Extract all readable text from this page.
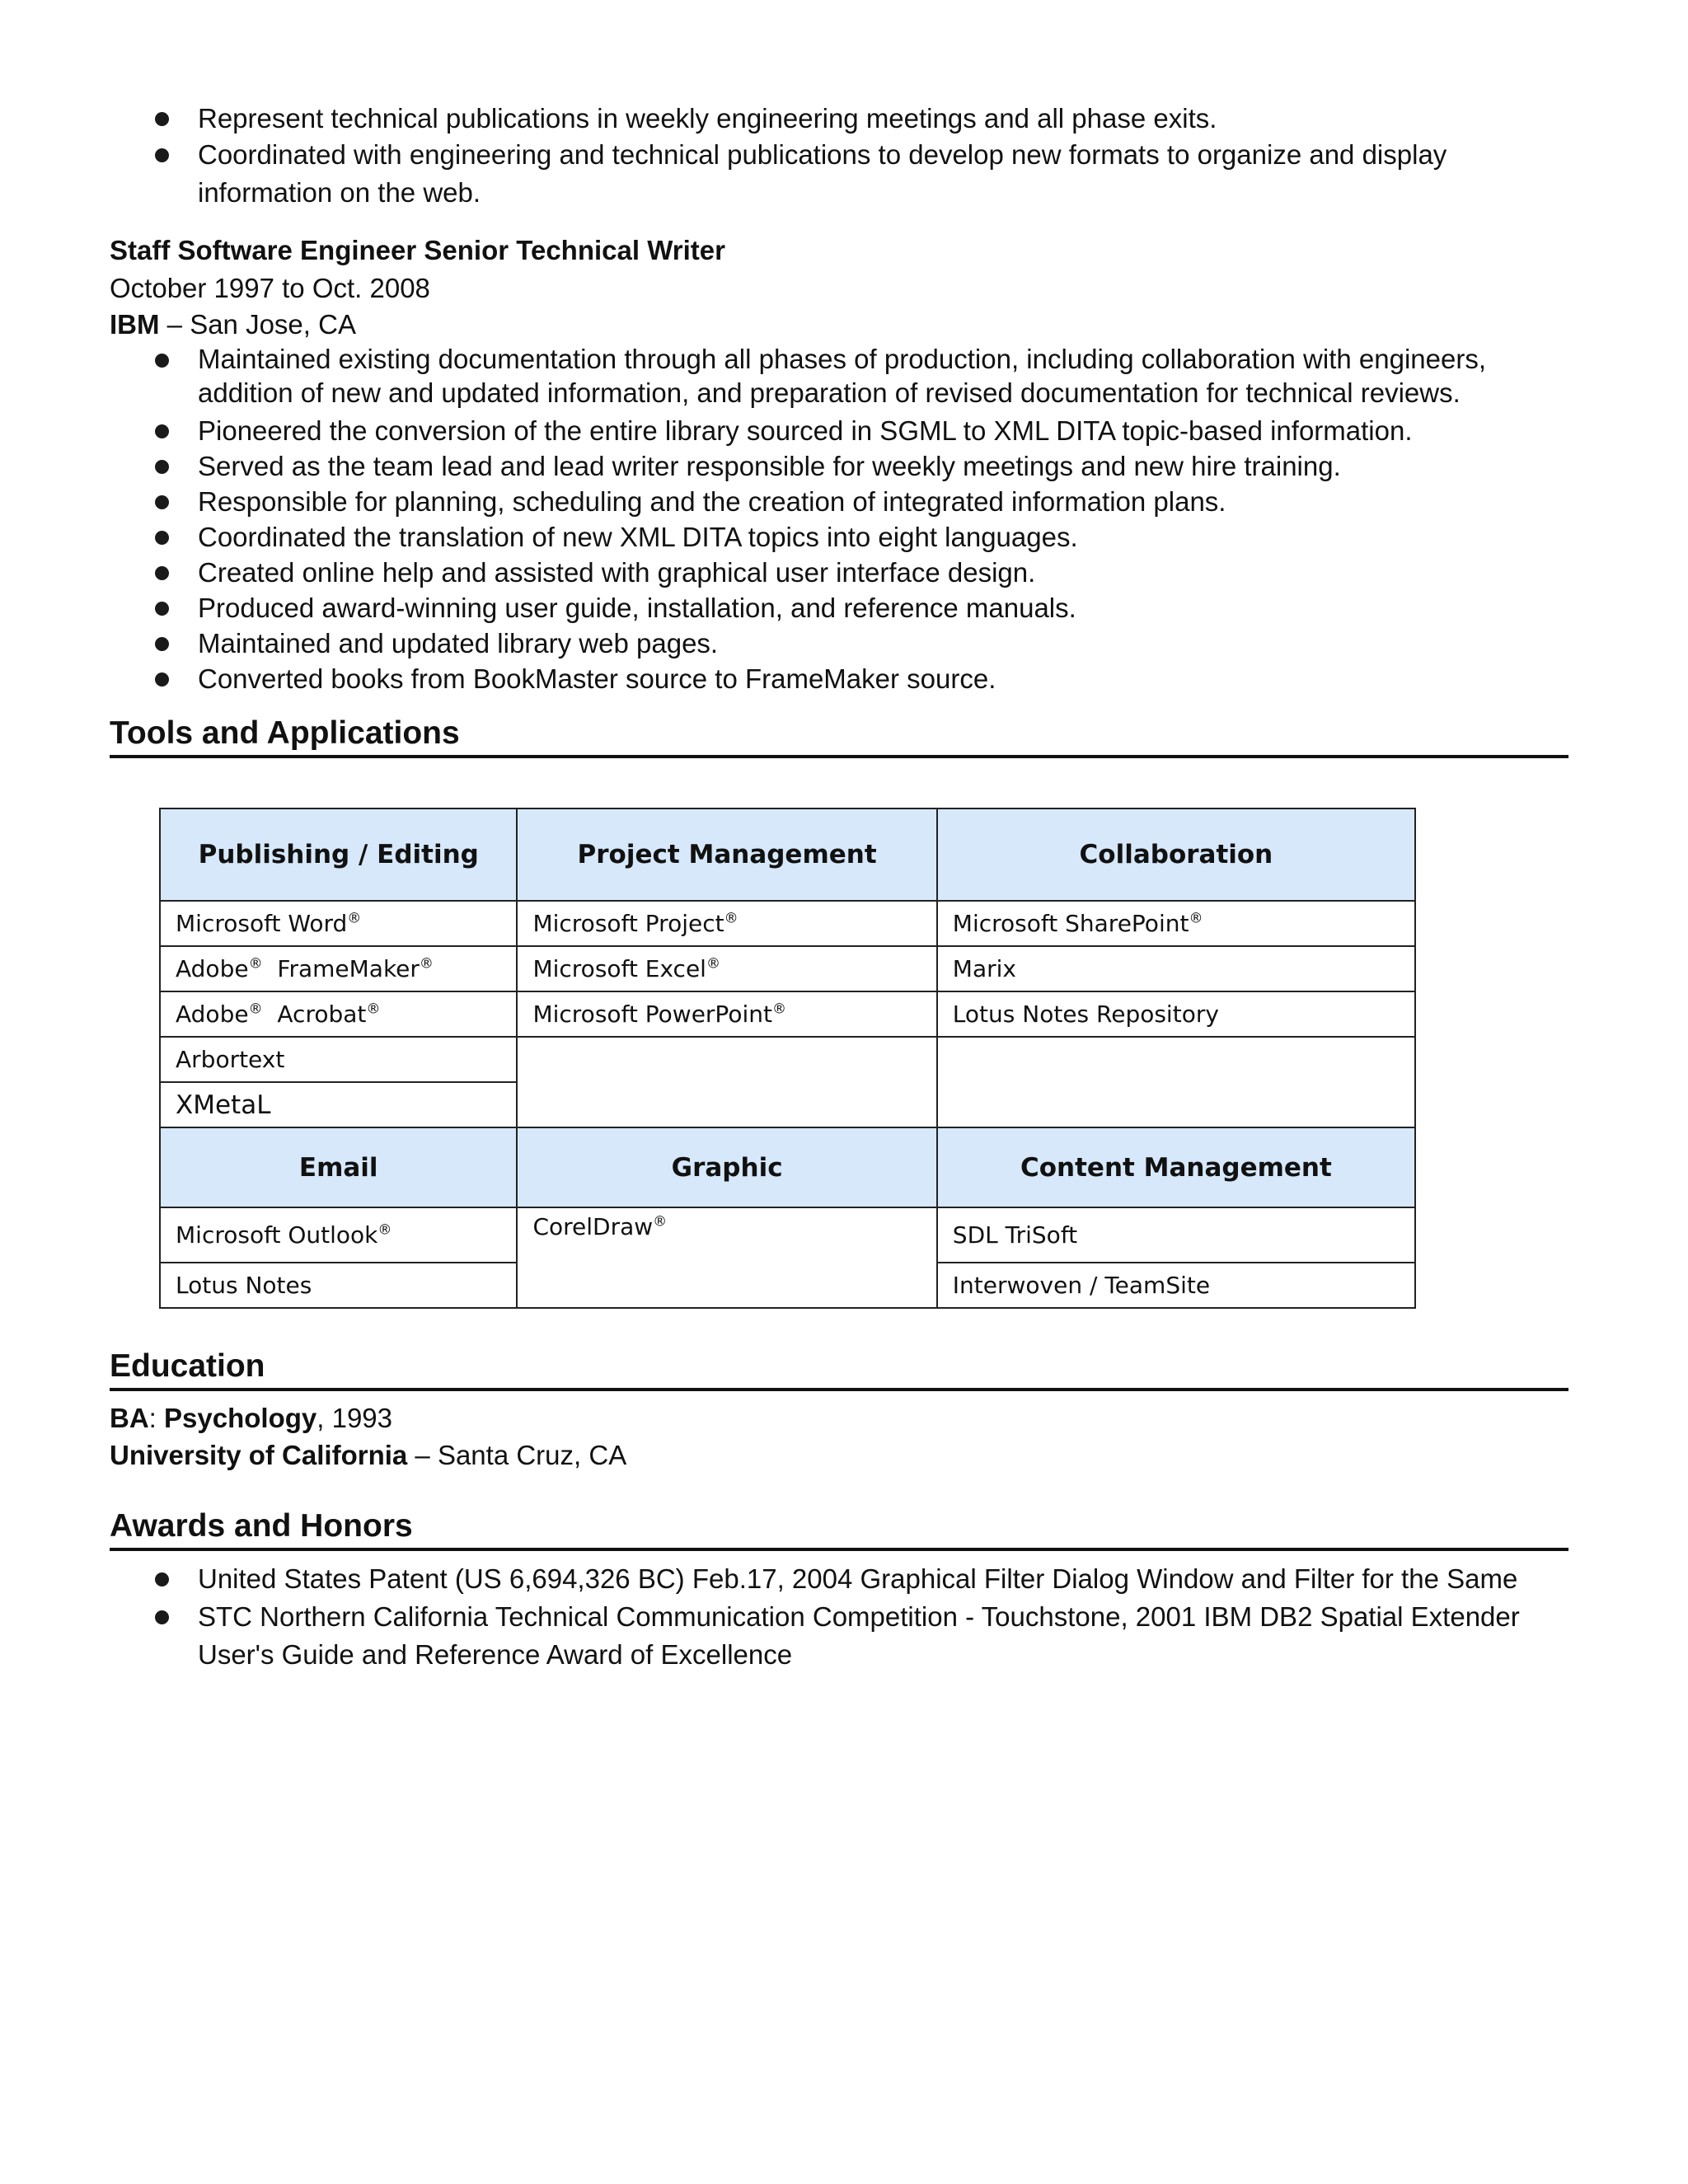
Represent technical publications in weekly engineering meetings and all phase exits.
Coordinated with engineering and technical publications to develop new formats to organize and display information on the web.
Staff Software Engineer Senior Technical Writer
October 1997 to Oct. 2008
IBM – San Jose, CA
Maintained existing documentation through all phases of production, including collaboration with engineers, addition of new and updated information, and preparation of revised documentation for technical reviews.
Pioneered the conversion of the entire library sourced in SGML to XML DITA topic-based information.
Served as the team lead and lead writer responsible for weekly meetings and new hire training.
Responsible for planning, scheduling and the creation of integrated information plans.
Coordinated the translation of new XML DITA topics into eight languages.
Created online help and assisted with graphical user interface design.
Produced award-winning user guide, installation, and reference manuals.
Maintained and updated library web pages.
Converted books from BookMaster source to FrameMaker source.
Tools and Applications
Publishing / Editing	Project Management	Collaboration
Microsoft Word®	Microsoft Project®	Microsoft SharePoint®
Adobe® FrameMaker®	Microsoft Excel®	Marix
Adobe® Acrobat®	Microsoft PowerPoint®	Lotus Notes Repository
Arbortext		
XMetaL		
Email	Graphic	Content Management
Microsoft Outlook®	CorelDraw®	SDL TriSoft
Lotus Notes		Interwoven / TeamSite
Education
BA: Psychology, 1993
University of California – Santa Cruz, CA
Awards and Honors
United States Patent (US 6,694,326 BC) Feb.17, 2004 Graphical Filter Dialog Window and Filter for the Same
STC Northern California Technical Communication Competition - Touchstone, 2001 IBM DB2 Spatial Extender User's Guide and Reference Award of Excellence
